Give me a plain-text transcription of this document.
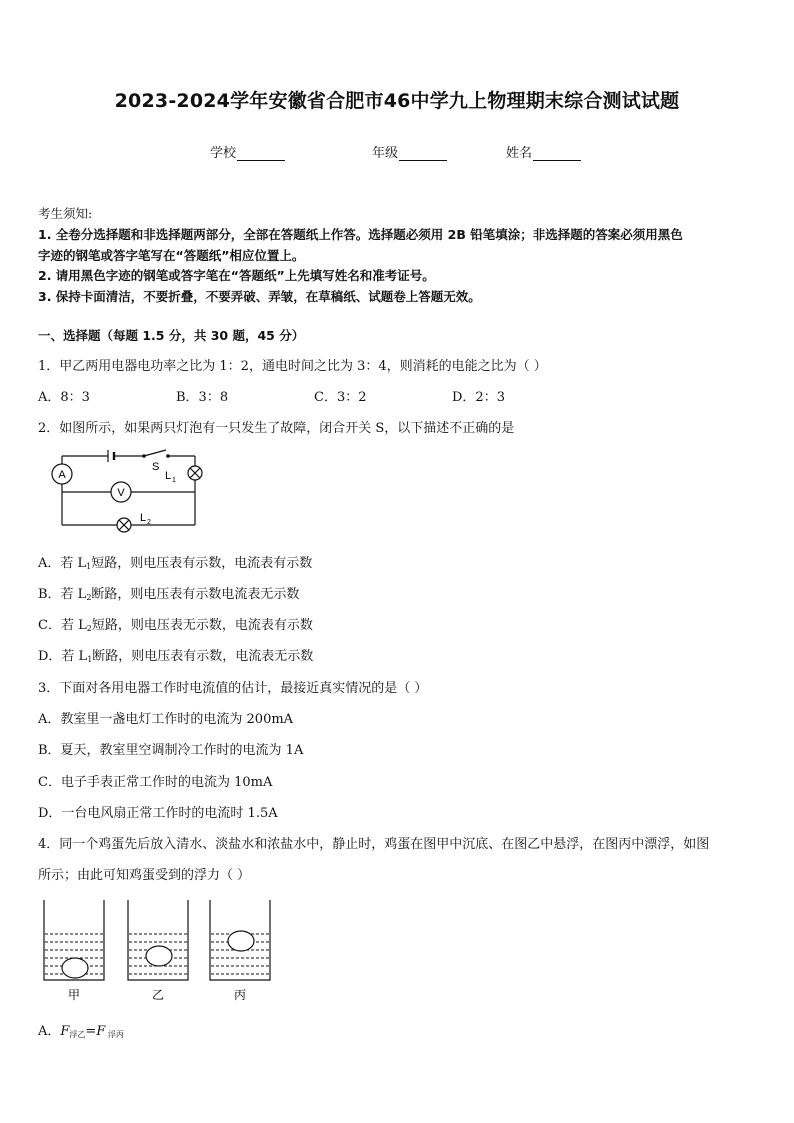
2023-2024学年安徽省合肥市46中学九上物理期末综合测试试题
学校	年级	姓名
考生须知:
1. 全卷分选择题和非选择题两部分，全部在答题纸上作答。选择题必须用 2B 铅笔填涂；非选择题的答案必须用黑色
字迹的钢笔或答字笔写在“答题纸”相应位置上。
2. 请用黑色字迹的钢笔或答字笔在“答题纸”上先填写姓名和准考证号。
3. 保持卡面清洁，不要折叠，不要弄破、弄皱，在草稿纸、试题卷上答题无效。
一、选择题（每题 1.5 分，共 30 题，45 分）
1．甲乙两用电器电功率之比为 1：2，通电时间之比为 3：4，则消耗的电能之比为（ ）
A．8：3	B．3：8	C．3：2	D．2：3
2．如图所示，如果两只灯泡有一只发生了故障，闭合开关 S，以下描述不正确的是
A
V
S
L 1
L 2
A．若 $L_1$短路，则电压表有示数，电流表有示数
B．若 $L_2$断路，则电压表有示数电流表无示数
C．若 $L_2$短路，则电压表无示数，电流表有示数
D．若 $L_1$断路，则电压表有示数，电流表无示数
3．下面对各用电器工作时电流值的估计，最接近真实情况的是（ ）
A．教室里一盏电灯工作时的电流为 200mA
B．夏天，教室里空调制冷工作时的电流为 1A
C．电子手表正常工作时的电流为 10mA
D．一台电风扇正常工作时的电流时 1.5A
4．同一个鸡蛋先后放入清水、淡盐水和浓盐水中，静止时，鸡蛋在图甲中沉底、在图乙中悬浮，在图丙中漂浮，如图
所示；由此可知鸡蛋受到的浮力（ ）
甲	乙	丙
A．$F_{浮乙}=F$ $_{浮丙}$
